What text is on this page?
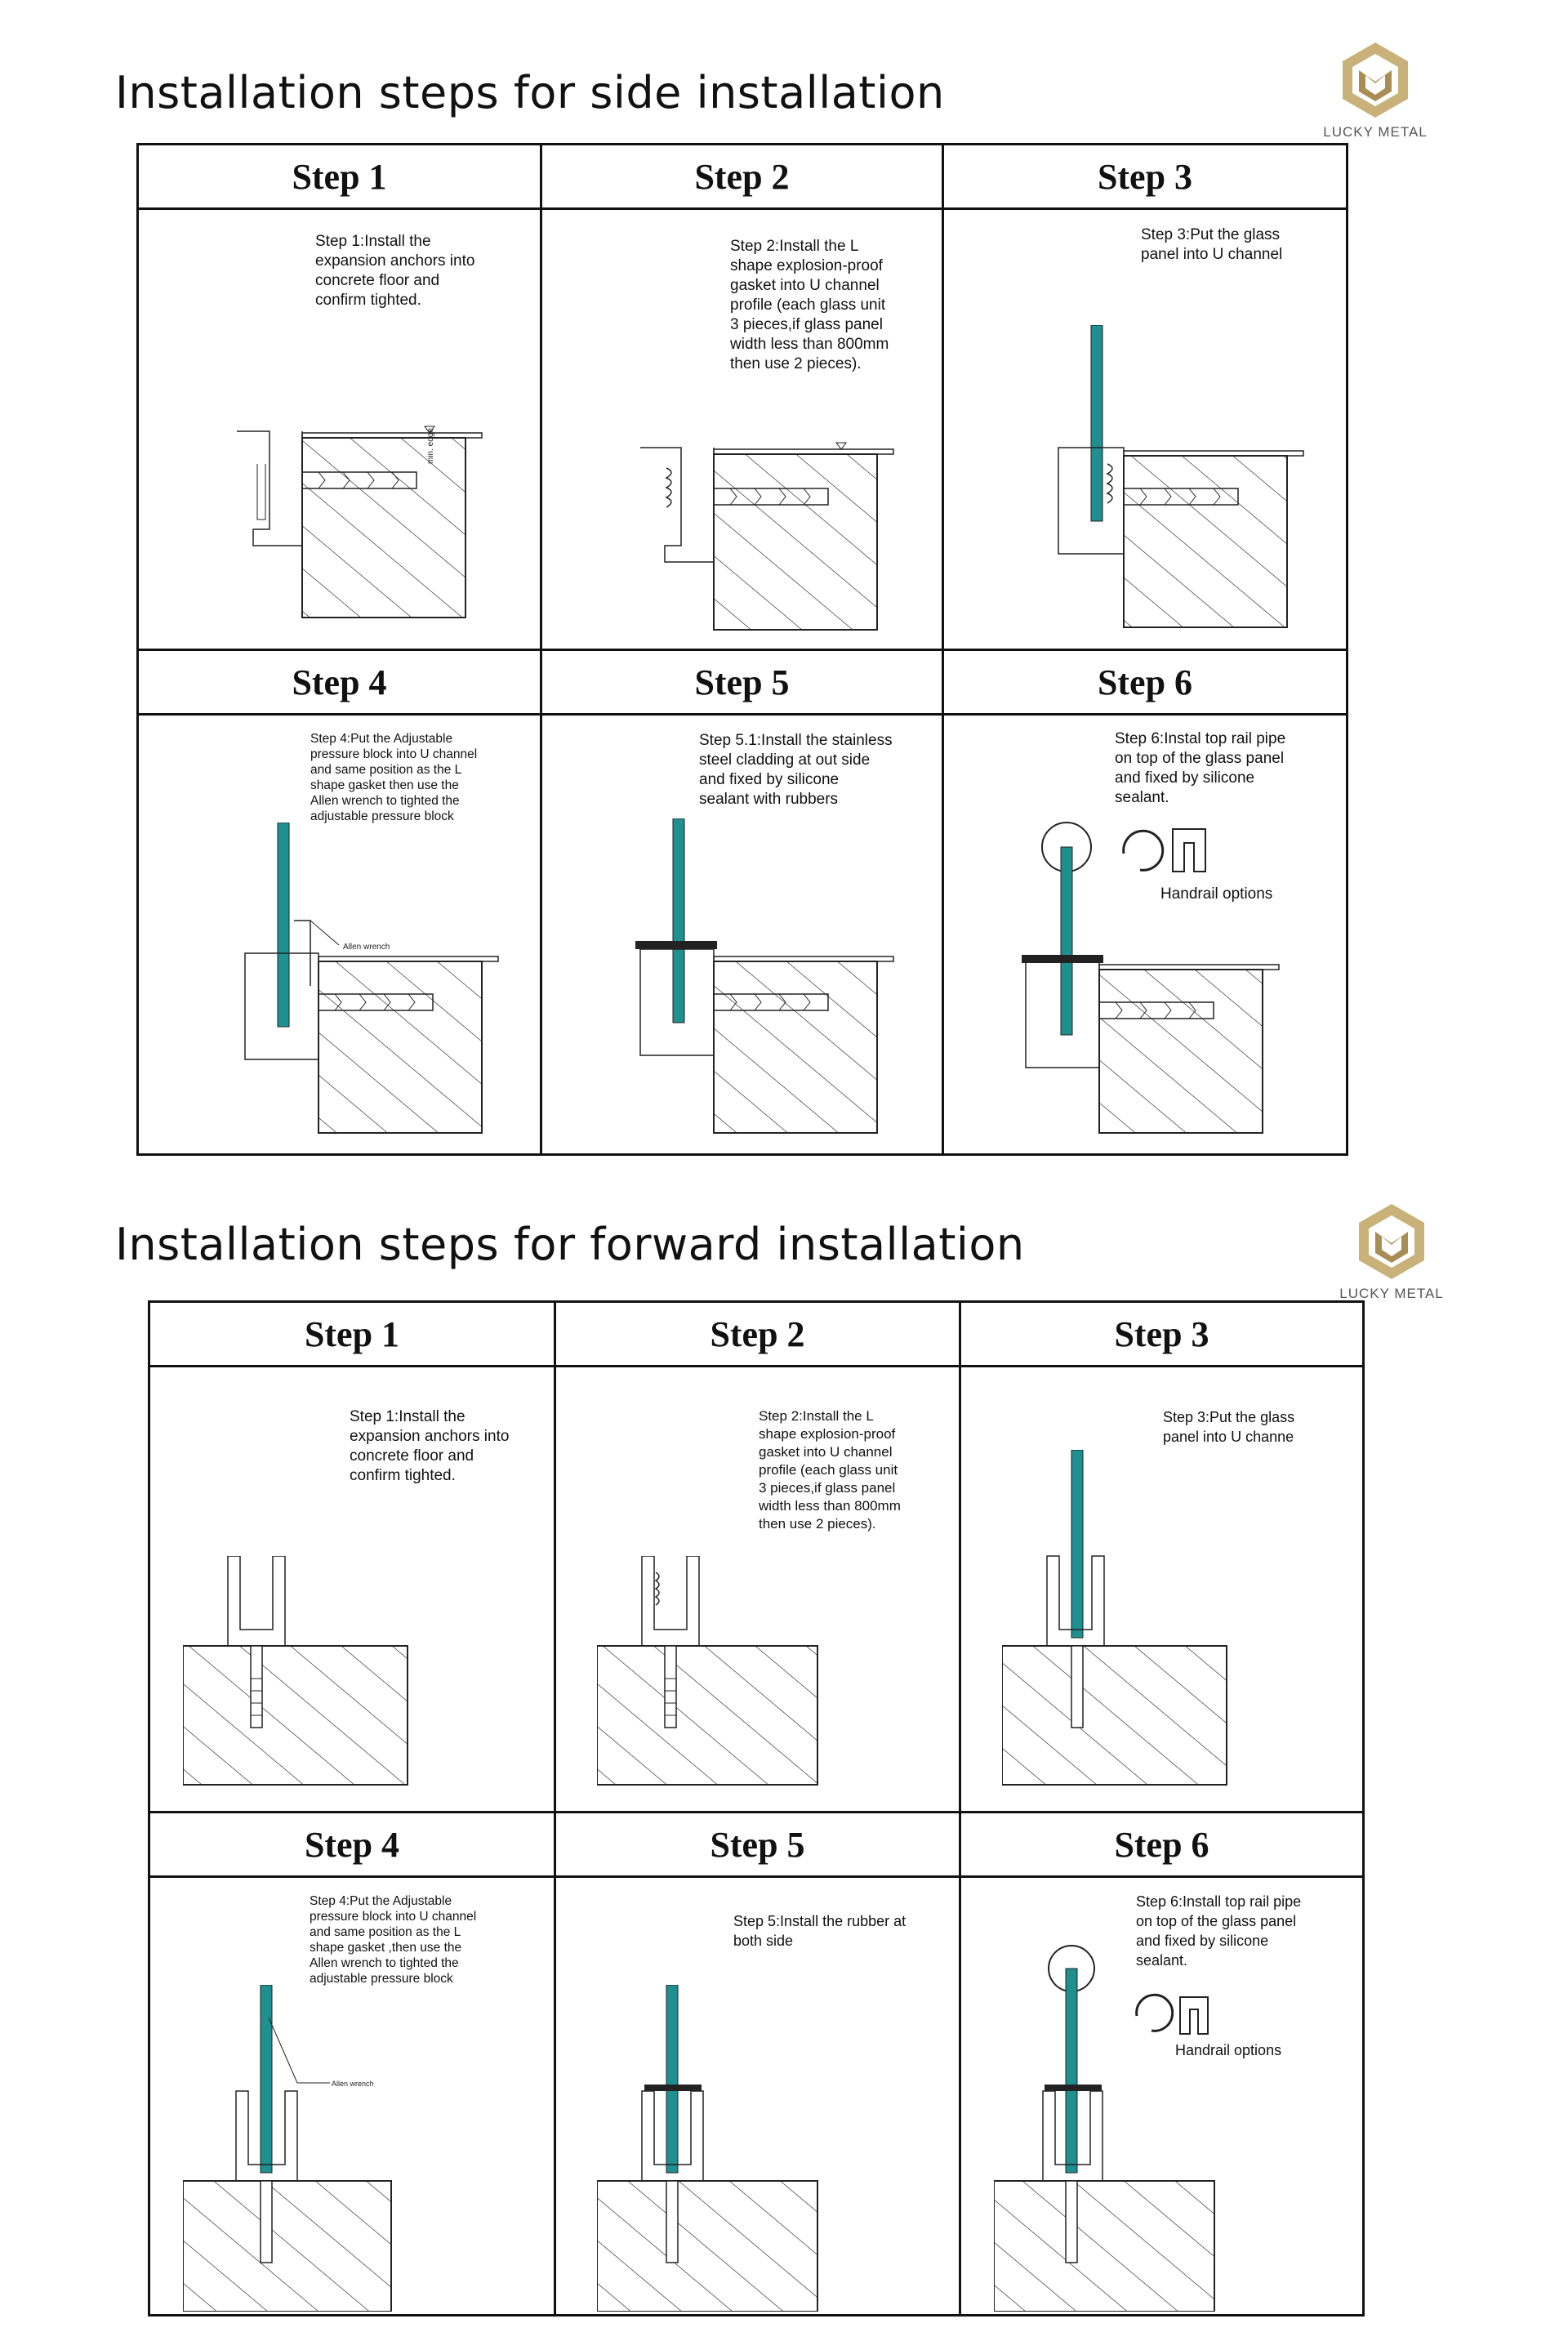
Installation steps for side installation
LUCKY METAL
Step 1
Step 1:Install the
expansion anchors into
concrete floor and
confirm tighted.
min. edge
Step 2
Step 2:Install the L
shape explosion-proof
gasket into U channel
profile (each glass unit
3 pieces,if glass panel
width less than 800mm
then use 2 pieces).
Step 3
Step 3:Put the glass
panel into U channel
Step 4
Step 4:Put the Adjustable
pressure block into U channel
and same position as the L
shape gasket then use the
Allen wrench to tighted the
adjustable pressure block
Allen wrench
Step 5
Step 5.1:Install the stainless
steel cladding at out side
and fixed by silicone
sealant with rubbers
Step 6
Step 6:Instal top rail pipe
on top of the glass panel
and fixed by silicone
sealant.
Handrail options
Installation steps for forward installation
LUCKY METAL
Step 1
Step 1:Install the
expansion anchors into
concrete floor and
confirm tighted.
Step 2
Step 2:Install the L
shape explosion-proof
gasket into U channel
profile (each glass unit
3 pieces,if glass panel
width less than 800mm
then use 2 pieces).
Step 3
Step 3:Put the glass
panel into U channe
Step 4
Step 4:Put the Adjustable
pressure block into U channel
and same position as the L
shape gasket ,then use the
Allen wrench to tighted the
adjustable pressure block
Allen wrench
Step 5
Step 5:Install the rubber at
both side
Step 6
Step 6:Install top rail pipe
on top of the glass panel
and fixed by silicone
sealant.
Handrail options
